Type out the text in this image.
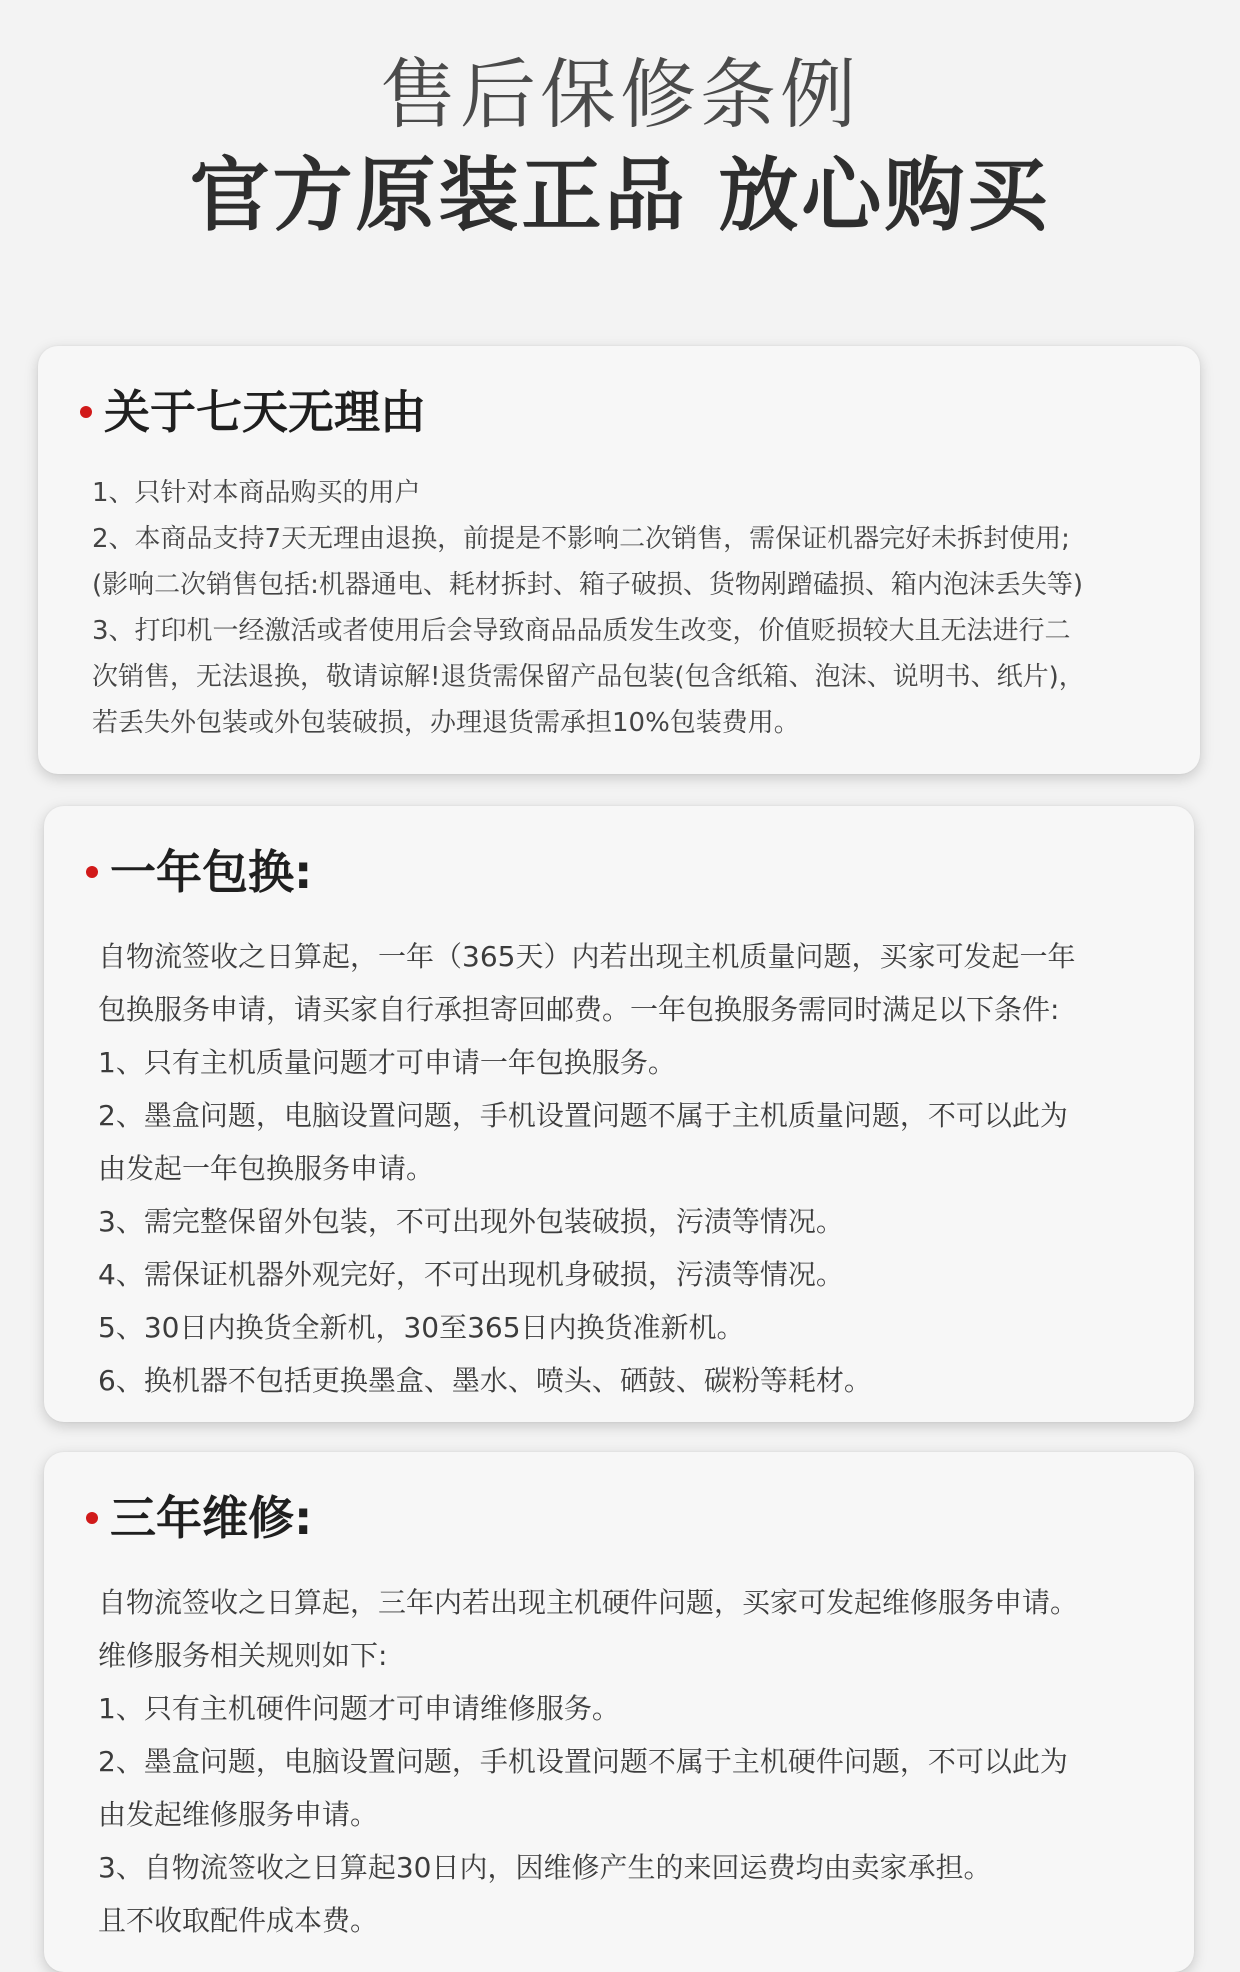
售后保修条例
官方原装正品 放心购买
关于七天无理由
1、只针对本商品购买的用户
2、本商品支持7天无理由退换，前提是不影响二次销售，需保证机器完好未拆封使用;
(影响二次销售包括:机器通电、耗材拆封、箱子破损、货物剐蹭磕损、箱内泡沫丢失等)
3、打印机一经激活或者使用后会导致商品品质发生改变，价值贬损较大且无法进行二
次销售，无法退换，敬请谅解!退货需保留产品包装(包含纸箱、泡沫、说明书、纸片)，
若丢失外包装或外包装破损，办理退货需承担10%包装费用。
一年包换:
自物流签收之日算起，一年（365天）内若出现主机质量问题，买家可发起一年
包换服务申请，请买家自行承担寄回邮费。一年包换服务需同时满足以下条件:
1、只有主机质量问题才可申请一年包换服务。
2、墨盒问题，电脑设置问题，手机设置问题不属于主机质量问题，不可以此为
由发起一年包换服务申请。
3、需完整保留外包装，不可出现外包装破损，污渍等情况。
4、需保证机器外观完好，不可出现机身破损，污渍等情况。
5、30日内换货全新机，30至365日内换货准新机。
6、换机器不包括更换墨盒、墨水、喷头、硒鼓、碳粉等耗材。
三年维修:
自物流签收之日算起，三年内若出现主机硬件问题，买家可发起维修服务申请。
维修服务相关规则如下:
1、只有主机硬件问题才可申请维修服务。
2、墨盒问题，电脑设置问题，手机设置问题不属于主机硬件问题，不可以此为
由发起维修服务申请。
3、自物流签收之日算起30日内，因维修产生的来回运费均由卖家承担。
且不收取配件成本费。
